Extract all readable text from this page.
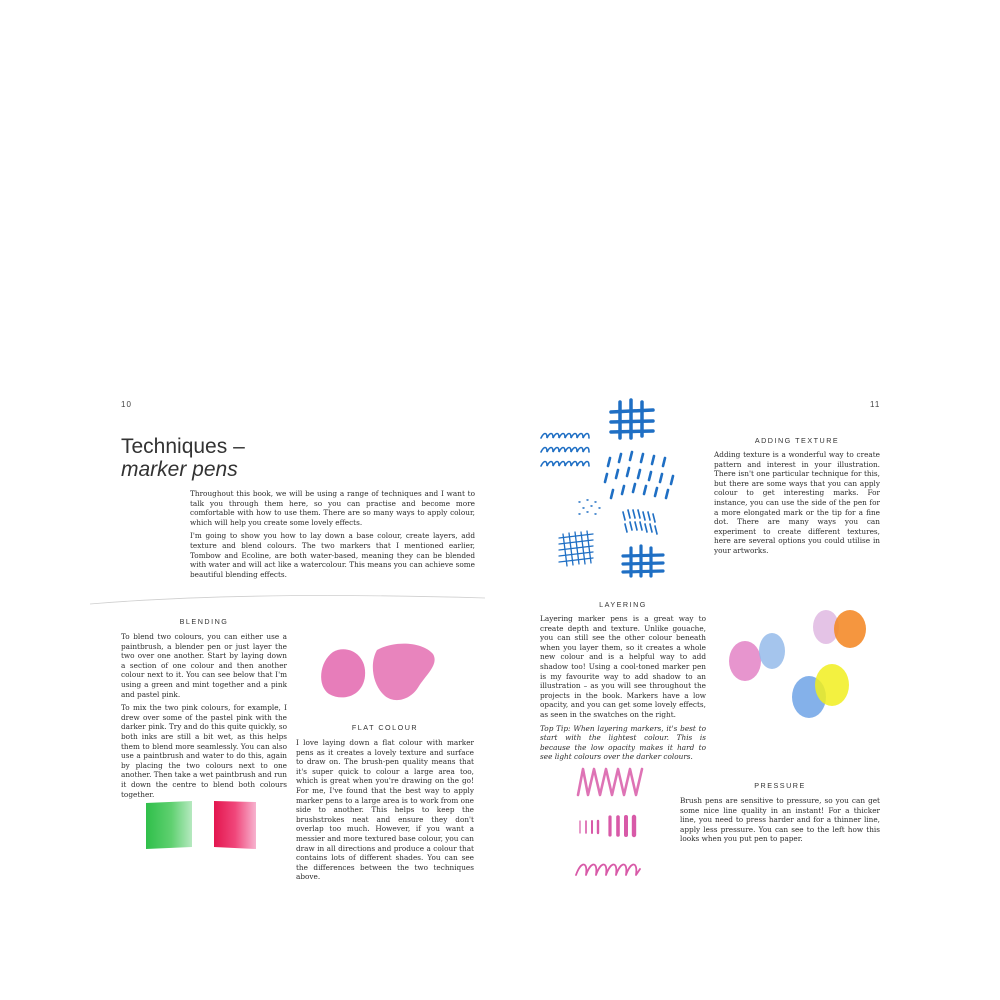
10
Techniques –
marker pens

Throughout this book, we will be using a range of techniques and I want to talk you through them here, so you can practise and become more comfortable with how to use them. There are so many ways to apply colour, which will help you create some lovely effects.

I'm going to show you how to lay down a base colour, create layers, add texture and blend colours. The two markers that I mentioned earlier, Tombow and Ecoline, are both water-based, meaning they can be blended with water and will act like a watercolour. This means you can achieve some beautiful blending effects.

BLENDING

To blend two colours, you can either use a paintbrush, a blender pen or just layer the two over one another. Start by laying down a section of one colour and then another colour next to it. You can see below that I'm using a green and mint together and a pink and pastel pink.

To mix the two pink colours, for example, I drew over some of the pastel pink with the darker pink. Try and do this quite quickly, so both inks are still a bit wet, as this helps them to blend more seamlessly. You can also use a paintbrush and water to do this, again by placing the two colours next to one another. Then take a wet paintbrush and run it down the centre to blend both colours together.

FLAT COLOUR

I love laying down a flat colour with marker pens as it creates a lovely texture and surface to draw on. The brush-pen quality means that it's super quick to colour a large area too, which is great when you're drawing on the go! For me, I've found that the best way to apply marker pens to a large area is to work from one side to another. This helps to keep the brushstrokes neat and ensure they don't overlap too much. However, if you want a messier and more textured base colour, you can draw in all directions and produce a colour that contains lots of different shades. You can see the differences between the two techniques above.

11
ADDING TEXTURE

Adding texture is a wonderful way to create pattern and interest in your illustration. There isn't one particular technique for this, but there are some ways that you can apply colour to get interesting marks. For instance, you can use the side of the pen for a more elongated mark or the tip for a fine dot. There are many ways you can experiment to create different textures, here are several options you could utilise in your artworks.

LAYERING

Layering marker pens is a great way to create depth and texture. Unlike gouache, you can still see the other colour beneath when you layer them, so it creates a whole new colour and is a helpful way to add shadow too! Using a cool-toned marker pen is my favourite way to add shadow to an illustration – as you will see throughout the projects in the book. Markers have a low opacity, and you can get some lovely effects, as seen in the swatches on the right.

Top Tip: When layering markers, it's best to start with the lightest colour. This is because the low opacity makes it hard to see light colours over the darker colours.

PRESSURE

Brush pens are sensitive to pressure, so you can get some nice line quality in an instant! For a thicker line, you need to press harder and for a thinner line, apply less pressure. You can see to the left how this looks when you put pen to paper.
